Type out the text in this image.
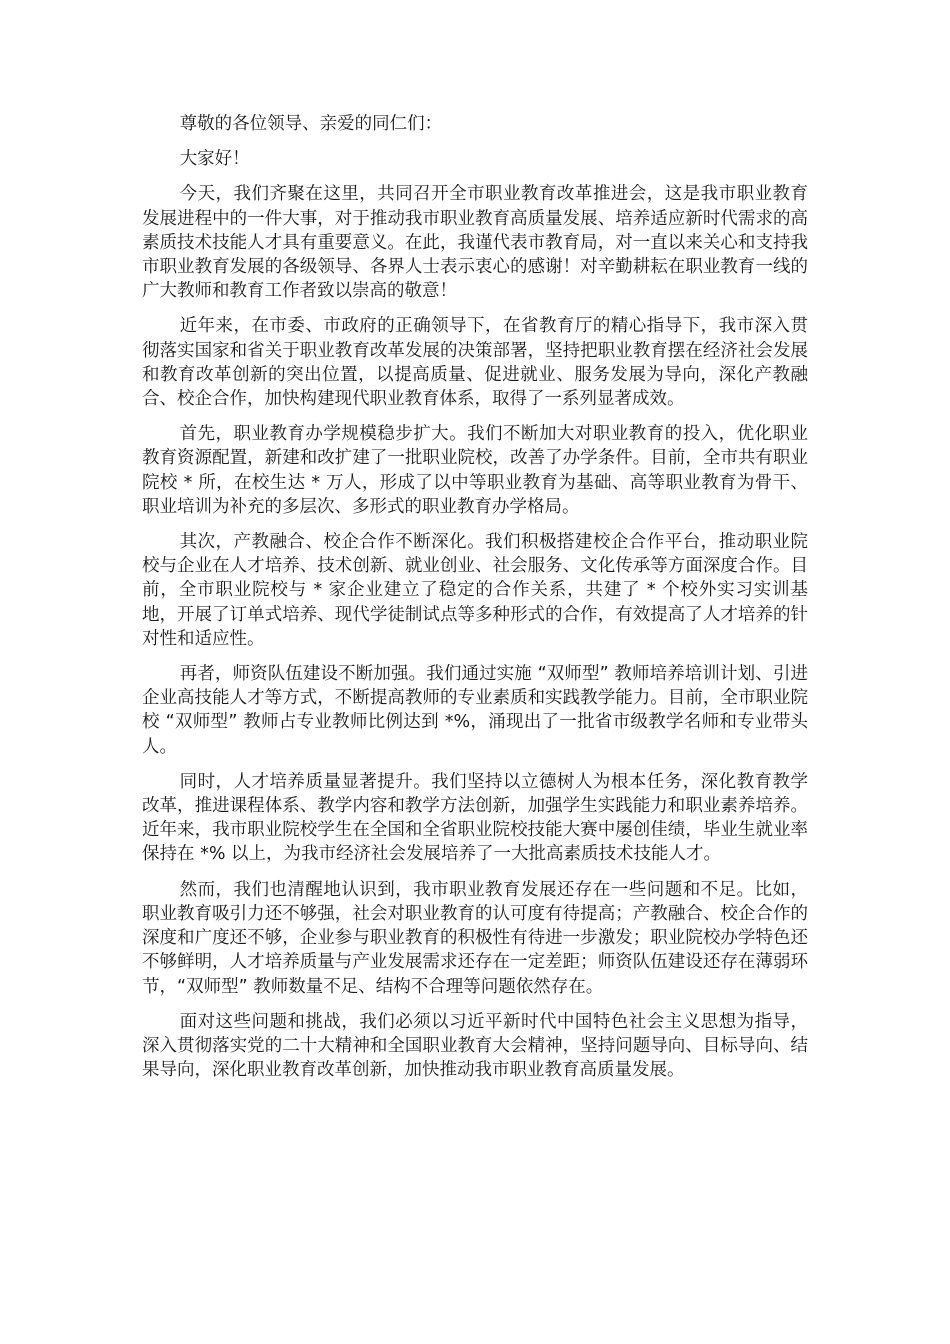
尊敬的各位领导、亲爱的同仁们：

大家好！

今天，我们齐聚在这里，共同召开全市职业教育改革推进会，这是我市职业教育发展进程中的一件大事，对于推动我市职业教育高质量发展、培养适应新时代需求的高素质技术技能人才具有重要意义。在此，我谨代表市教育局，对一直以来关心和支持我市职业教育发展的各级领导、各界人士表示衷心的感谢！对辛勤耕耘在职业教育一线的广大教师和教育工作者致以崇高的敬意！

近年来，在市委、市政府的正确领导下，在省教育厅的精心指导下，我市深入贯彻落实国家和省关于职业教育改革发展的决策部署，坚持把职业教育摆在经济社会发展和教育改革创新的突出位置，以提高质量、促进就业、服务发展为导向，深化产教融合、校企合作，加快构建现代职业教育体系，取得了一系列显著成效。

首先，职业教育办学规模稳步扩大。我们不断加大对职业教育的投入，优化职业教育资源配置，新建和改扩建了一批职业院校，改善了办学条件。目前，全市共有职业院校 * 所，在校生达 * 万人，形成了以中等职业教育为基础、高等职业教育为骨干、职业培训为补充的多层次、多形式的职业教育办学格局。

其次，产教融合、校企合作不断深化。我们积极搭建校企合作平台，推动职业院校与企业在人才培养、技术创新、就业创业、社会服务、文化传承等方面深度合作。目前，全市职业院校与 * 家企业建立了稳定的合作关系，共建了 * 个校外实习实训基地，开展了订单式培养、现代学徒制试点等多种形式的合作，有效提高了人才培养的针对性和适应性。

再者，师资队伍建设不断加强。我们通过实施 “双师型” 教师培养培训计划、引进企业高技能人才等方式，不断提高教师的专业素质和实践教学能力。目前，全市职业院校 “双师型” 教师占专业教师比例达到 *%，涌现出了一批省市级教学名师和专业带头人。

同时，人才培养质量显著提升。我们坚持以立德树人为根本任务，深化教育教学改革，推进课程体系、教学内容和教学方法创新，加强学生实践能力和职业素养培养。近年来，我市职业院校学生在全国和全省职业院校技能大赛中屡创佳绩，毕业生就业率保持在 *% 以上，为我市经济社会发展培养了一大批高素质技术技能人才。

然而，我们也清醒地认识到，我市职业教育发展还存在一些问题和不足。比如，职业教育吸引力还不够强，社会对职业教育的认可度有待提高；产教融合、校企合作的深度和广度还不够，企业参与职业教育的积极性有待进一步激发；职业院校办学特色还不够鲜明，人才培养质量与产业发展需求还存在一定差距；师资队伍建设还存在薄弱环节，“双师型” 教师数量不足、结构不合理等问题依然存在。

面对这些问题和挑战，我们必须以习近平新时代中国特色社会主义思想为指导，深入贯彻落实党的二十大精神和全国职业教育大会精神，坚持问题导向、目标导向、结果导向，深化职业教育改革创新，加快推动我市职业教育高质量发展。
